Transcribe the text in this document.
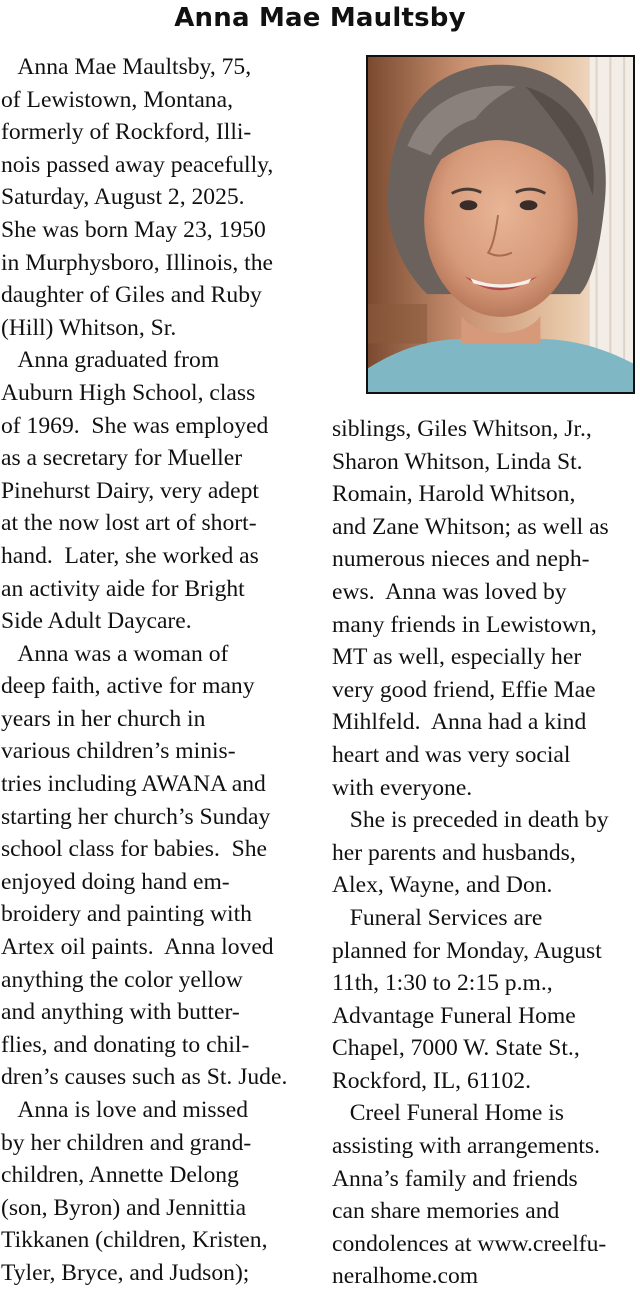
Anna Mae Maultsby

Anna Mae Maultsby, 75,
of Lewistown, Montana,
formerly of Rockford, Illi-
nois passed away peacefully,
Saturday, August 2, 2025.
She was born May 23, 1950
in Murphysboro, Illinois, the
daughter of Giles and Ruby
(Hill) Whitson, Sr.

Anna graduated from
Auburn High School, class
of 1969.  She was employed
as a secretary for Mueller
Pinehurst Dairy, very adept
at the now lost art of short-
hand.  Later, she worked as
an activity aide for Bright
Side Adult Daycare.

Anna was a woman of
deep faith, active for many
years in her church in
various children’s minis-
tries including AWANA and
starting her church’s Sunday
school class for babies.  She
enjoyed doing hand em-
broidery and painting with
Artex oil paints.  Anna loved
anything the color yellow
and anything with butter-
flies, and donating to chil-
dren’s causes such as St. Jude.

Anna is love and missed
by her children and grand-
children, Annette Delong
(son, Byron) and Jennittia
Tikkanen (children, Kristen,
Tyler, Bryce, and Judson);

siblings, Giles Whitson, Jr.,
Sharon Whitson, Linda St.
Romain, Harold Whitson,
and Zane Whitson; as well as
numerous nieces and neph-
ews.  Anna was loved by
many friends in Lewistown,
MT as well, especially her
very good friend, Effie Mae
Mihlfeld.  Anna had a kind
heart and was very social
with everyone.

She is preceded in death by
her parents and husbands,
Alex, Wayne, and Don.

Funeral Services are
planned for Monday, August
11th, 1:30 to 2:15 p.m.,
Advantage Funeral Home
Chapel, 7000 W. State St.,
Rockford, IL, 61102.

Creel Funeral Home is
assisting with arrangements.
Anna’s family and friends
can share memories and
condolences at www.creelfu-
neralhome.com
